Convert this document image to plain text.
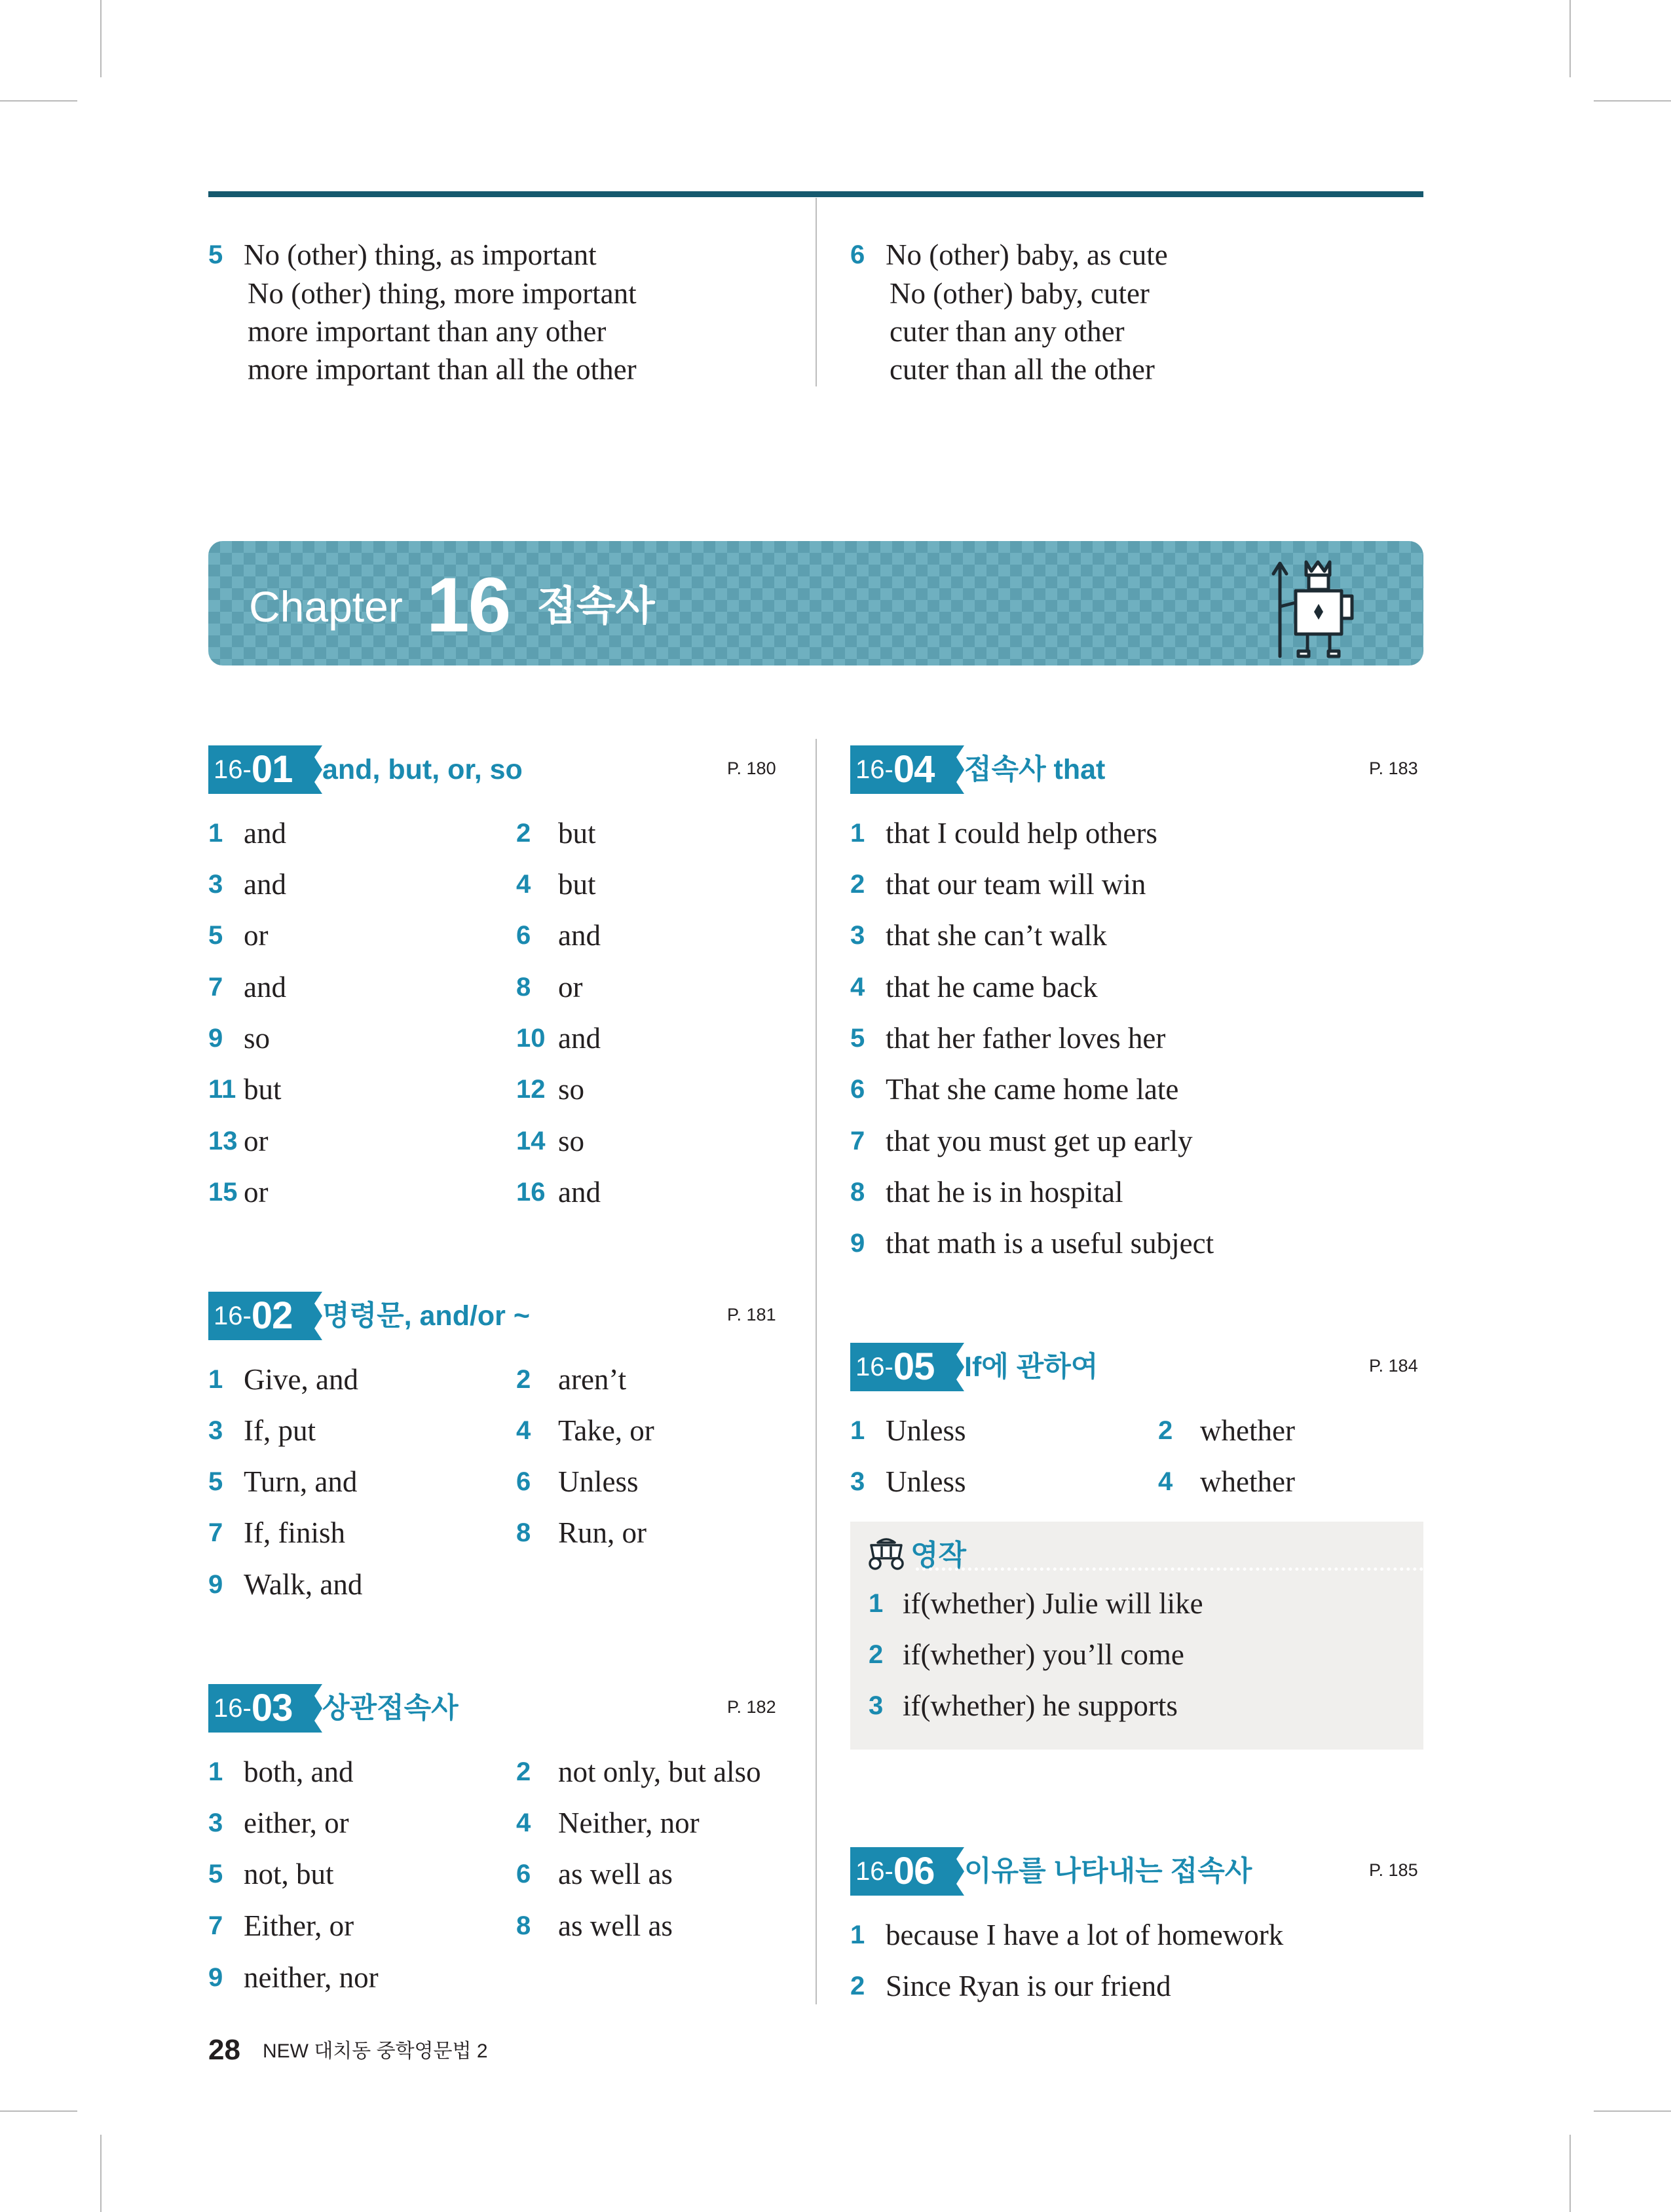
5 No (other) thing, as important
No (other) thing, more important
more important than any other
more important than all the other
6 No (other) baby, as cute
No (other) baby, cuter
cuter than any other
cuter than all the other
Chapter 16 접속사
16- 01 and, but, or, so	P. 180
1 and	2 but
3 and	4 but
5 or	6 and
7 and	8 or
9 so	10 and
11 but	12 so
13 or	14 so
15 or	16 and
16- 02 명령문, and/or ~	P. 181
1 Give, and	2 aren’t
3 If, put	4 Take, or
5 Turn, and	6 Unless
7 If, finish	8 Run, or
9 Walk, and
16- 03 상관접속사	P. 182
1 both, and	2 not only, but also
3 either, or	4 Neither, nor
5 not, but	6 as well as
7 Either, or	8 as well as
9 neither, nor
16- 04 접속사 that	P. 183
1 that I could help others
2 that our team will win
3 that she can’t walk
4 that he came back
5 that her father loves her
6 That she came home late
7 that you must get up early
8 that he is in hospital
9 that math is a useful subject
16- 05 If에 관하여	P. 184
1 Unless	2 whether
3 Unless	4 whether
영작
1 if(whether) Julie will like
2 if(whether) you’ll come
3 if(whether) he supports
16- 06 이유를 나타내는 접속사	P. 185
1 because I have a lot of homework
2 Since Ryan is our friend
28 NEW 대치동 중학영문법 2
